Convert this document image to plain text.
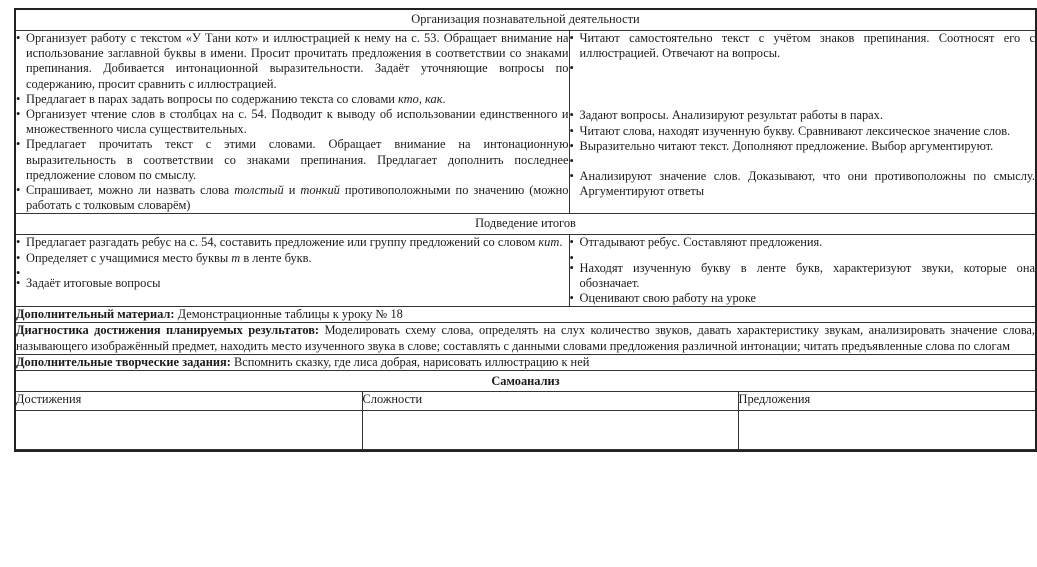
Организация познавательной деятельности

• Организует работу с текстом «У Тани кот» и иллюстрацией к нему на с. 53. Обращает внимание на использование заглавной буквы в имени. Просит прочитать предложения в соответствии со знаками препинания. Добивается интонационной выразительности. Задаёт уточняющие вопросы по содержанию, просит сравнить с иллюстрацией.
• Предлагает в парах задать вопросы по содержанию текста со словами кто, как.
• Организует чтение слов в столбцах на с. 54. Подводит к выводу об использовании единственного и множественного числа существительных.
• Предлагает прочитать текст с этими словами. Обращает внимание на интонационную выразительность в соответствии со знаками препинания. Предлагает дополнить последнее предложение словом по смыслу.
• Спрашивает, можно ли назвать слова толстый и тонкий противоположными по значению (можно работать с толковым словарём)

• Читают самостоятельно текст с учётом знаков препинания. Соотносят его с иллюстрацией. Отвечают на вопросы.
•
• Задают вопросы. Анализируют результат работы в парах.
• Читают слова, находят изученную букву. Сравнивают лексическое значение слов.
• Выразительно читают текст. Дополняют предложение. Выбор аргументируют.
•
• Анализируют значение слов. Доказывают, что они противоположны по смыслу. Аргументируют ответы

Подведение итогов

• Предлагает разгадать ребус на с. 54, составить предложение или группу предложений со словом кит.
• Определяет с учащимися место буквы т в ленте букв.
•
• Задаёт итоговые вопросы

• Отгадывают ребус. Составляют предложения.
•
• Находят изученную букву в ленте букв, характеризуют звуки, которые она обозначает.
• Оценивают свою работу на уроке

Дополнительный материал: Демонстрационные таблицы к уроку № 18
Диагностика достижения планируемых результатов: Моделировать схему слова, определять на слух количество звуков, давать характеристику звукам, анализировать значение слова, называющего изображённый предмет, находить место изученного звука в слове; составлять с данными словами предложения различной интонации; читать предъявленные слова по слогам
Дополнительные творческие задания: Вспомнить сказку, где лиса добрая, нарисовать иллюстрацию к ней

Самоанализ
Достижения	Сложности	Предложения
